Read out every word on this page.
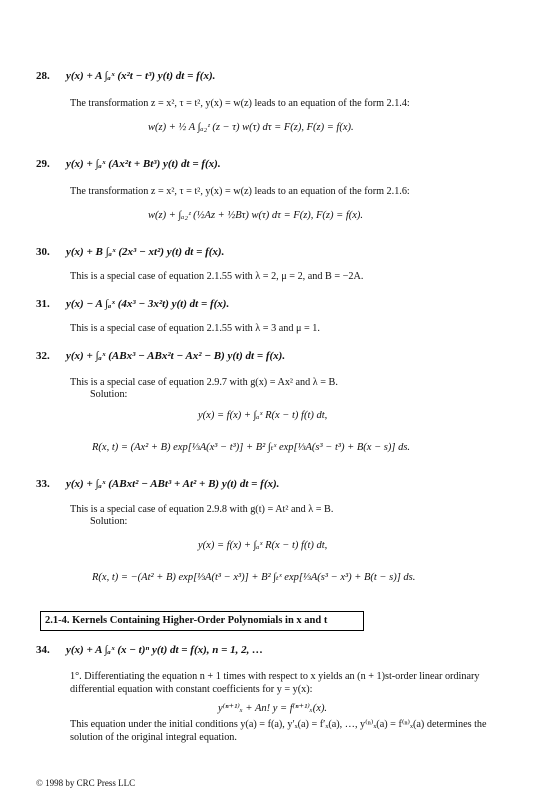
28. y(x) + A ∫ₐˣ (x²t − t³) y(t) dt = f(x).
The transformation z = x², τ = t², y(x) = w(z) leads to an equation of the form 2.1.4:
w(z) + ½ A ∫ₐ₂ᶻ (z − τ) w(τ) dτ = F(z), F(z) = f(x).
29. y(x) + ∫ₐˣ (Ax²t + Bt³) y(t) dt = f(x).
The transformation z = x², τ = t², y(x) = w(z) leads to an equation of the form 2.1.6:
w(z) + ∫ₐ₂ᶻ (½Az + ½Bτ) w(τ) dτ = F(z), F(z) = f(x).
30. y(x) + B ∫ₐˣ (2x³ − xt²) y(t) dt = f(x).
This is a special case of equation 2.1.55 with λ = 2, μ = 2, and B = −2A.
31. y(x) − A ∫ₐˣ (4x³ − 3x²t) y(t) dt = f(x).
This is a special case of equation 2.1.55 with λ = 3 and μ = 1.
32. y(x) + ∫ₐˣ (ABx³ − ABx²t − Ax² − B) y(t) dt = f(x).
This is a special case of equation 2.9.7 with g(x) = Ax² and λ = B.
Solution:
y(x) = f(x) + ∫ₐˣ R(x − t) f(t) dt,
R(x, t) = (Ax² + B) exp[⅓A(x³ − t³)] + B² ∫ₜˣ exp[⅓A(s³ − t³) + B(x − s)] ds.
33. y(x) + ∫ₐˣ (ABxt² − ABt³ + At² + B) y(t) dt = f(x).
This is a special case of equation 2.9.8 with g(t) = At² and λ = B.
Solution:
y(x) = f(x) + ∫ₐˣ R(x − t) f(t) dt,
R(x, t) = −(At² + B) exp[⅓A(t³ − x³)] + B² ∫ₜˣ exp[⅓A(s³ − x³) + B(t − s)] ds.
2.1-4. Kernels Containing Higher-Order Polynomials in x and t
34. y(x) + A ∫ₐˣ (x − t)ⁿ y(t) dt = f(x), n = 1, 2, …
1°. Differentiating the equation n + 1 times with respect to x yields an (n + 1)st-order linear ordinary differential equation with constant coefficients for y = y(x):
y⁽ⁿ⁺¹⁾ₓ + An! y = f⁽ⁿ⁺¹⁾ₓ(x).
This equation under the initial conditions y(a) = f(a), y′ₓ(a) = f′ₓ(a), …, y⁽ⁿ⁾ₓ(a) = f⁽ⁿ⁾ₓ(a) determines the solution of the original integral equation.
© 1998 by CRC Press LLC
